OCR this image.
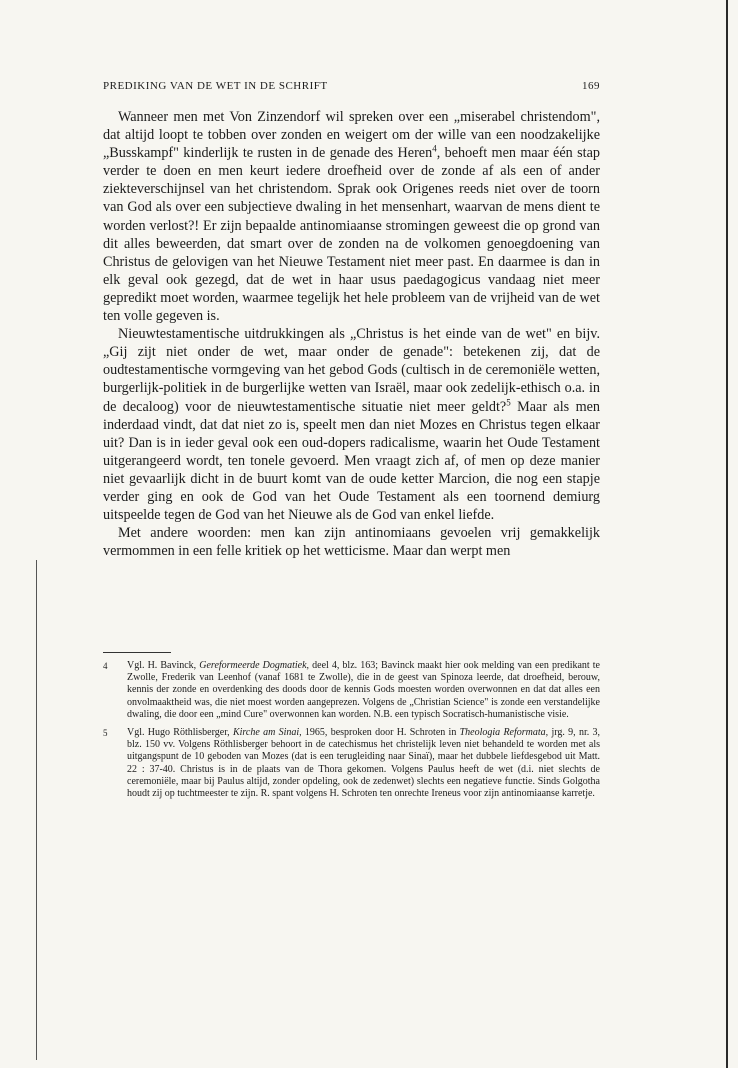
PREDIKING VAN DE WET IN DE SCHRIFT	169

Wanneer men met Von Zinzendorf wil spreken over een „miserabel christendom", dat altijd loopt te tobben over zonden en weigert om der wille van een noodzakelijke „Busskampf" kinderlijk te rusten in de genade des Heren$^4$, behoeft men maar één stap verder te doen en men keurt iedere droefheid over de zonde af als een of ander ziekteverschijnsel van het christendom. Sprak ook Origenes reeds niet over de toorn van God als over een subjectieve dwaling in het mensenhart, waarvan de mens dient te worden verlost?! Er zijn bepaalde antinomiaanse stromingen geweest die op grond van dit alles beweerden, dat smart over de zonden na de volkomen genoegdoening van Christus de gelovigen van het Nieuwe Testament niet meer past. En daarmee is dan in elk geval ook gezegd, dat de wet in haar usus paedagogicus vandaag niet meer gepredikt moet worden, waarmee tegelijk het hele probleem van de vrijheid van de wet ten volle gegeven is.

Nieuwtestamentische uitdrukkingen als „Christus is het einde van de wet" en bijv. „Gij zijt niet onder de wet, maar onder de genade": betekenen zij, dat de oudtestamentische vormgeving van het gebod Gods (cultisch in de ceremoniële wetten, burgerlijk-politiek in de burgerlijke wetten van Israël, maar ook zedelijk-ethisch o.a. in de decaloog) voor de nieuwtestamentische situatie niet meer geldt?$^5$ Maar als men inderdaad vindt, dat dat niet zo is, speelt men dan niet Mozes en Christus tegen elkaar uit? Dan is in ieder geval ook een oud-dopers radicalisme, waarin het Oude Testament uitgerangeerd wordt, ten tonele gevoerd. Men vraagt zich af, of men op deze manier niet gevaarlijk dicht in de buurt komt van de oude ketter Marcion, die nog een stapje verder ging en ook de God van het Oude Testament als een toornend demiurg uitspeelde tegen de God van het Nieuwe als de God van enkel liefde.

Met andere woorden: men kan zijn antinomiaans gevoelen vrij gemakkelijk vermommen in een felle kritiek op het wetticisme. Maar dan werpt men

4	Vgl. H. Bavinck, Gereformeerde Dogmatiek, deel 4, blz. 163; Bavinck maakt hier ook melding van een predikant te Zwolle, Frederik van Leenhof (vanaf 1681 te Zwolle), die in de geest van Spinoza leerde, dat droefheid, berouw, kennis der zonde en overdenking des doods door de kennis Gods moesten worden overwonnen en dat dat alles een onvolmaaktheid was, die niet moest worden aangeprezen. Volgens de „Christian Science" is zonde een verstandelijke dwaling, die door een „mind Cure" overwonnen kan worden. N.B. een typisch Socratisch-humanistische visie.
5	Vgl. Hugo Röthlisberger, Kirche am Sinai, 1965, besproken door H. Schroten in Theologia Reformata, jrg. 9, nr. 3, blz. 150 vv. Volgens Röthlisberger behoort in de catechismus het christelijk leven niet behandeld te worden met als uitgangspunt de 10 geboden van Mozes (dat is een terugleiding naar Sinaï), maar het dubbele liefdesgebod uit Matt. 22 : 37-40. Christus is in de plaats van de Thora gekomen. Volgens Paulus heeft de wet (d.i. niet slechts de ceremoniële, maar bij Paulus altijd, zonder opdeling, ook de zedenwet) slechts een negatieve functie. Sinds Golgotha houdt zij op tuchtmeester te zijn. R. spant volgens H. Schroten ten onrechte Ireneus voor zijn antinomiaanse karretje.
